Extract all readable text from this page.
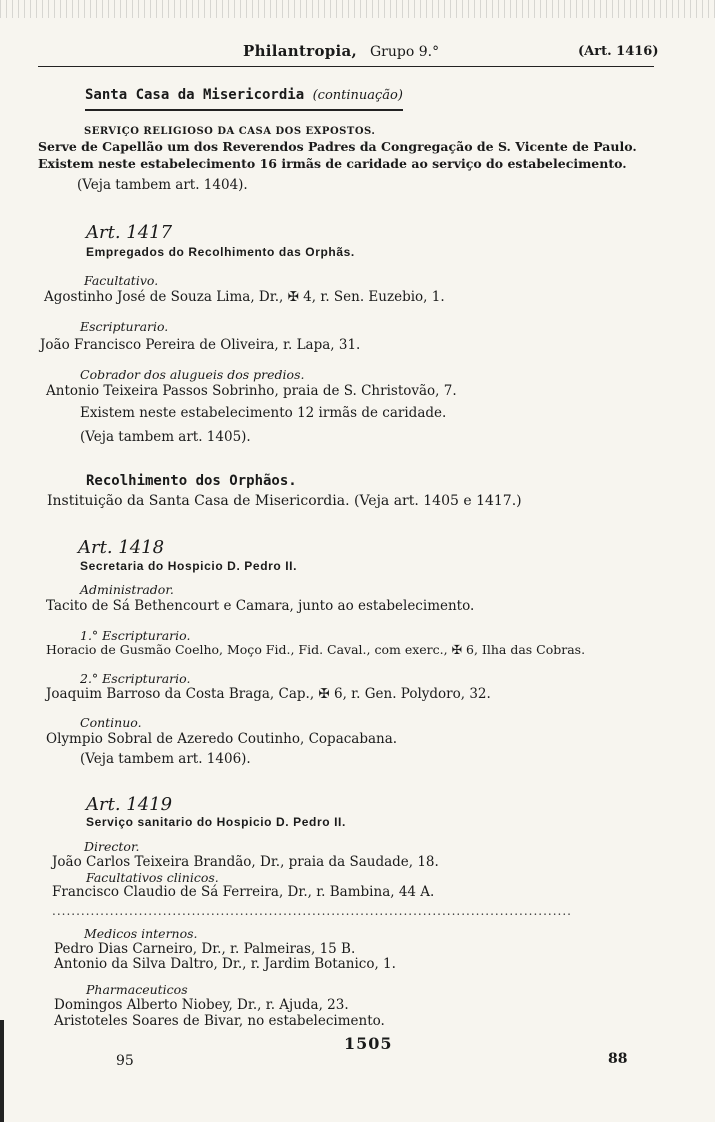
Philantropia, Grupo 9.°	(Art. 1416)
Santa Casa da Misericordia (continuação)
SERVIÇO RELIGIOSO DA CASA DOS EXPOSTOS.
Serve de Capellão um dos Reverendos Padres da Congregação de S. Vicente de Paulo.
Existem neste estabelecimento 16 irmãs de caridade ao serviço do estabelecimento.
(Veja tambem art. 1404).
Art. 1417
Empregados do Recolhimento das Orphãs.
Facultativo.
Agostinho José de Souza Lima, Dr., ✠ 4, r. Sen. Euzebio, 1.
Escripturario.
João Francisco Pereira de Oliveira, r. Lapa, 31.
Cobrador dos alugueis dos predios.
Antonio Teixeira Passos Sobrinho, praia de S. Christovão, 7.
Existem neste estabelecimento 12 irmãs de caridade.
(Veja tambem art. 1405).
Recolhimento dos Orphãos.
Instituição da Santa Casa de Misericordia. (Veja art. 1405 e 1417.)
Art. 1418
Secretaria do Hospicio D. Pedro II.
Administrador.
Tacito de Sá Bethencourt e Camara, junto ao estabelecimento.
1.° Escripturario.
Horacio de Gusmão Coelho, Moço Fid., Fid. Caval., com exerc., ✠ 6, Ilha das Cobras.
2.° Escripturario.
Joaquim Barroso da Costa Braga, Cap., ✠ 6, r. Gen. Polydoro, 32.
Continuo.
Olympio Sobral de Azeredo Coutinho, Copacabana.
(Veja tambem art. 1406).
Art. 1419
Serviço sanitario do Hospicio D. Pedro II.
Director.
João Carlos Teixeira Brandão, Dr., praia da Saudade, 18.
Facultativos clinicos.
Francisco Claudio de Sá Ferreira, Dr., r. Bambina, 44 A.
............................................................................................................
Medicos internos.
Pedro Dias Carneiro, Dr., r. Palmeiras, 15 B.
Antonio da Silva Daltro, Dr., r. Jardim Botanico, 1.
Pharmaceuticos
Domingos Alberto Niobey, Dr., r. Ajuda, 23.
Aristoteles Soares de Bivar, no estabelecimento.
95
1505
88
